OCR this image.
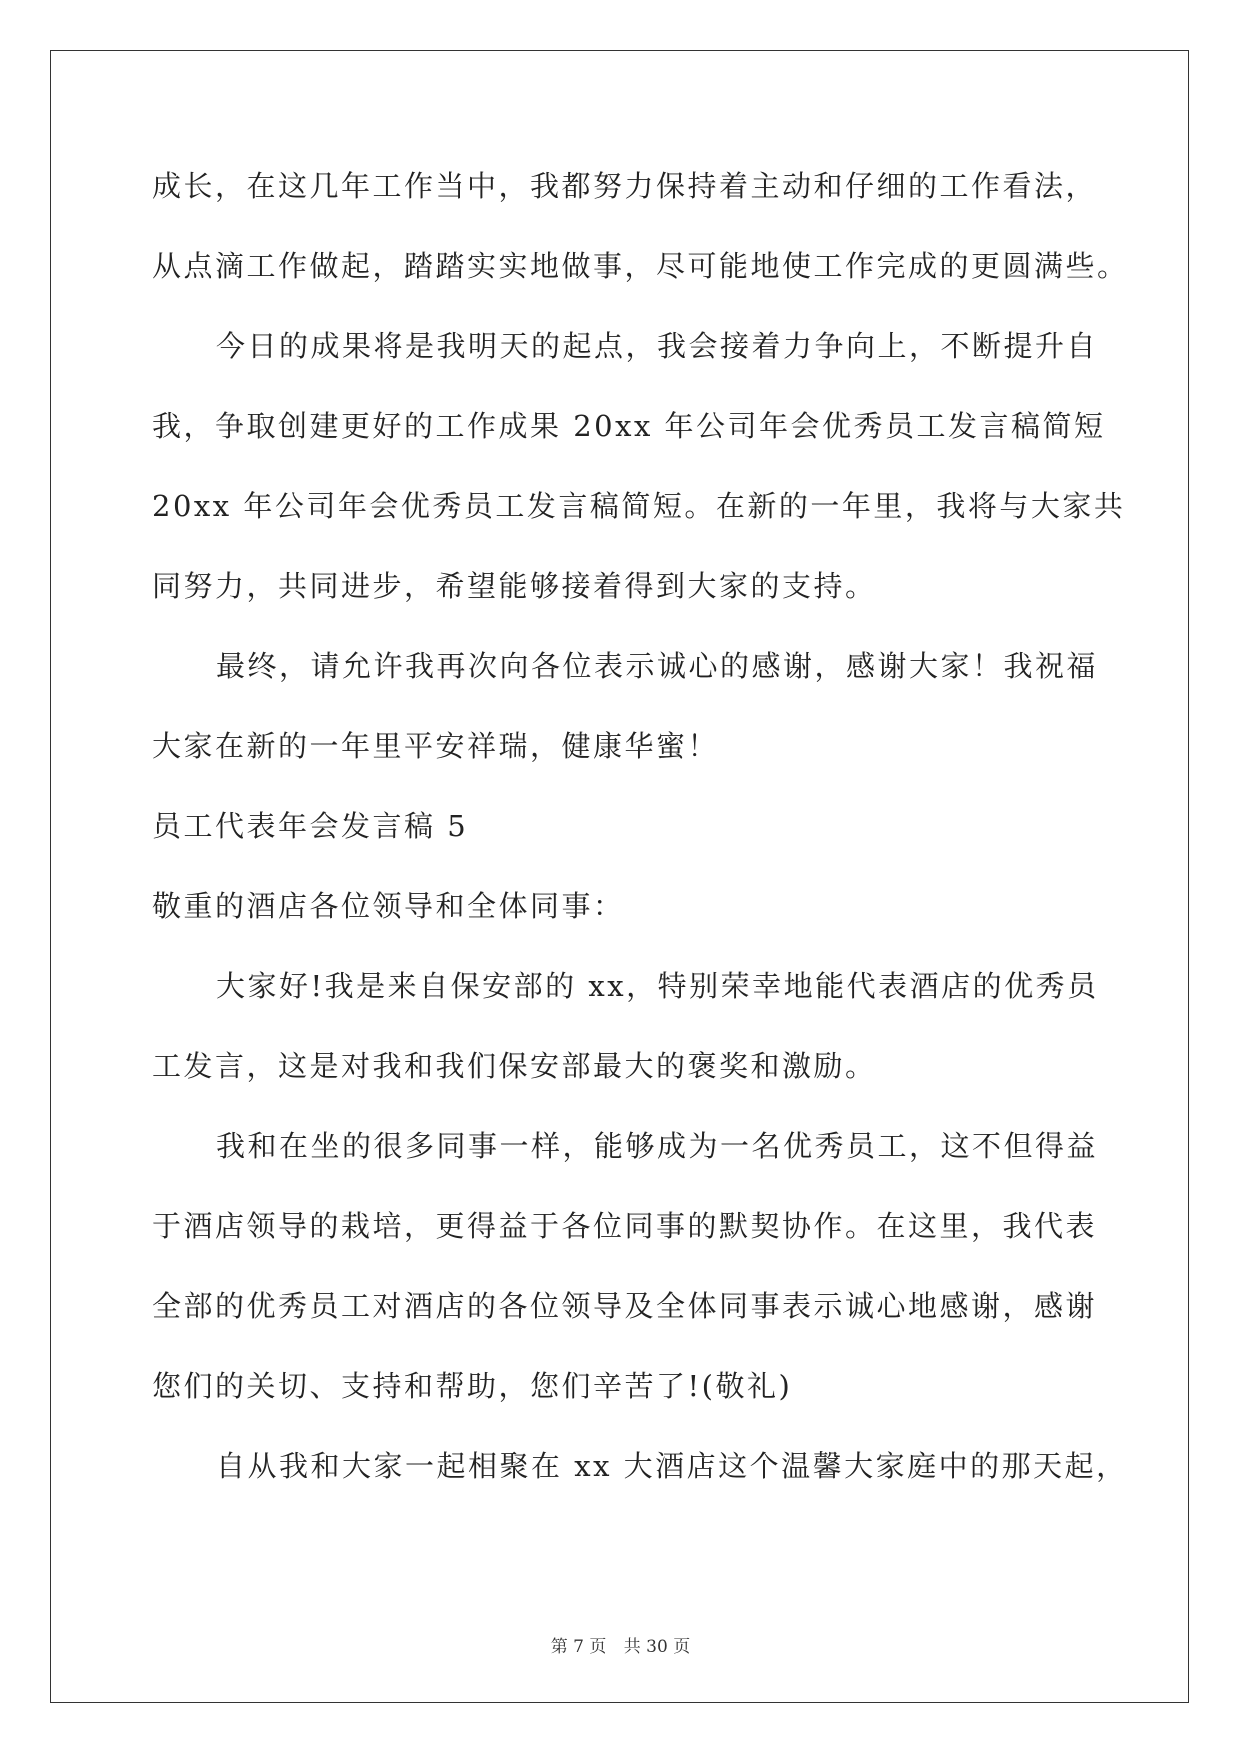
成长，在这几年工作当中，我都努力保持着主动和仔细的工作看法，
从点滴工作做起，踏踏实实地做事，尽可能地使工作完成的更圆满些。
今日的成果将是我明天的起点，我会接着力争向上，不断提升自
我，争取创建更好的工作成果 20xx 年公司年会优秀员工发言稿简短
20xx 年公司年会优秀员工发言稿简短。在新的一年里，我将与大家共
同努力，共同进步，希望能够接着得到大家的支持。
最终，请允许我再次向各位表示诚心的感谢，感谢大家！我祝福
大家在新的一年里平安祥瑞，健康华蜜！
员工代表年会发言稿 5
敬重的酒店各位领导和全体同事：
大家好!我是来自保安部的 xx，特别荣幸地能代表酒店的优秀员
工发言，这是对我和我们保安部最大的褒奖和激励。
我和在坐的很多同事一样，能够成为一名优秀员工，这不但得益
于酒店领导的栽培，更得益于各位同事的默契协作。在这里，我代表
全部的优秀员工对酒店的各位领导及全体同事表示诚心地感谢，感谢
您们的关切、支持和帮助，您们辛苦了!(敬礼)
自从我和大家一起相聚在 xx 大酒店这个温馨大家庭中的那天起，
第 7 页 共 30 页
